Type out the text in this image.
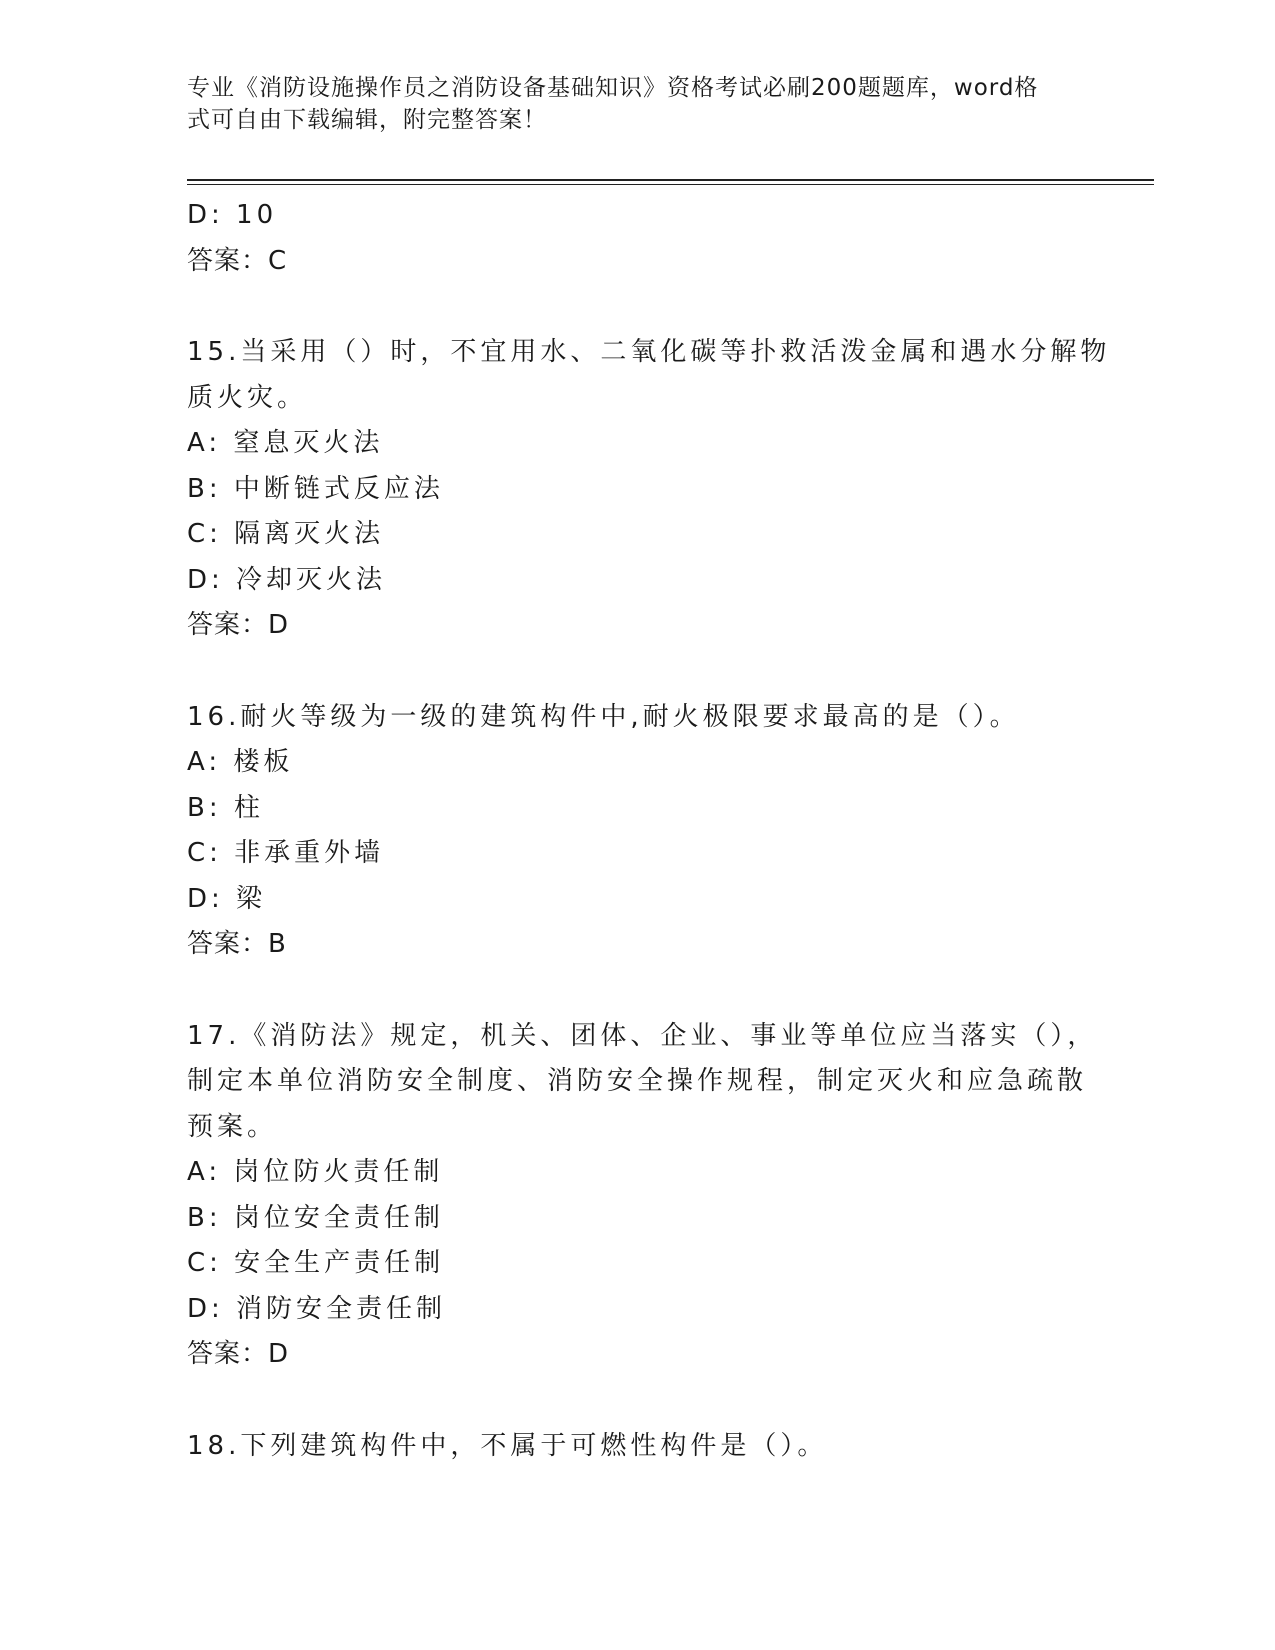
专业《消防设施操作员之消防设备基础知识》资格考试必刷200题题库，word格
式可自由下载编辑，附完整答案！
D: 10
答案：C
15.当采用（）时，不宜用水、二氧化碳等扑救活泼金属和遇水分解物
质火灾。
A: 窒息灭火法
B: 中断链式反应法
C: 隔离灭火法
D: 冷却灭火法
答案：D
16.耐火等级为一级的建筑构件中,耐火极限要求最高的是（）。
A: 楼板
B: 柱
C: 非承重外墙
D: 梁
答案：B
17.《消防法》规定，机关、团体、企业、事业等单位应当落实（），
制定本单位消防安全制度、消防安全操作规程，制定灭火和应急疏散
预案。
A: 岗位防火责任制
B: 岗位安全责任制
C: 安全生产责任制
D: 消防安全责任制
答案：D
18.下列建筑构件中，不属于可燃性构件是（）。
